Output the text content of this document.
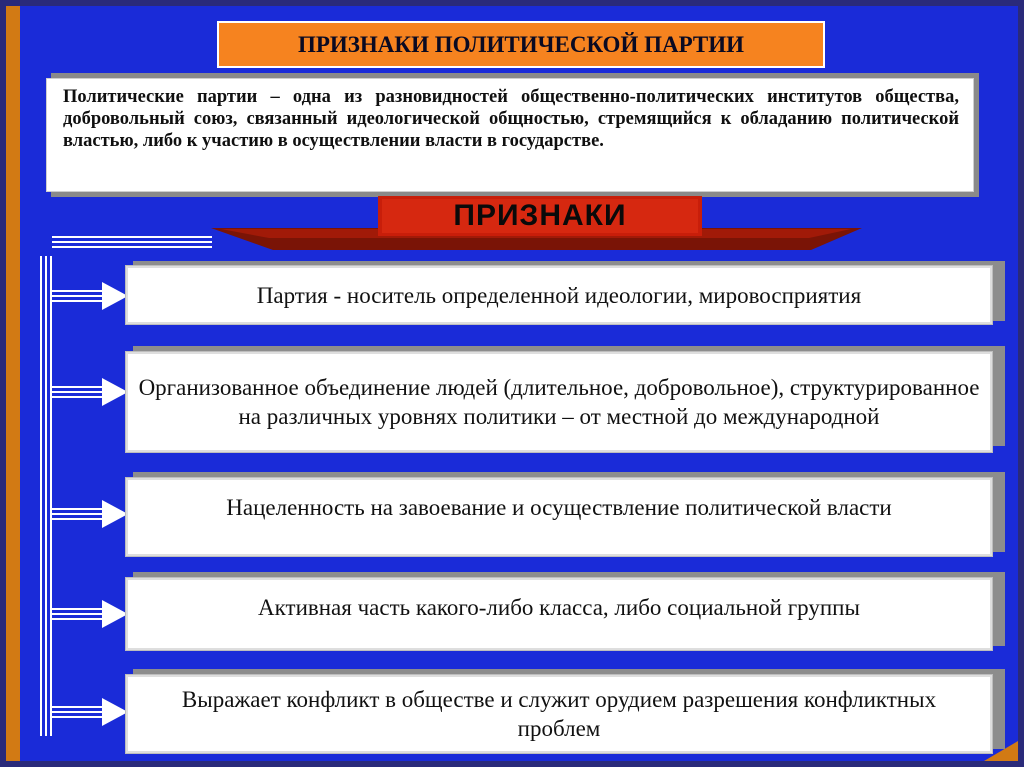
ПРИЗНАКИ ПОЛИТИЧЕСКОЙ ПАРТИИ
Политические партии – одна из разновидностей общественно-политических институтов общества, добровольный союз, связанный идеологической общностью, стремящийся к обладанию политической властью, либо к участию в осуществлении власти в государстве.
ПРИЗНАКИ
Партия - носитель определенной идеологии, мировосприятия
Организованное объединение людей (длительное, добровольное), структурированное на различных уровнях политики – от местной до международной
Нацеленность на завоевание и осуществление политической власти
Активная часть какого-либо класса, либо социальной группы
Выражает конфликт в обществе и служит орудием разрешения конфликтных проблем
